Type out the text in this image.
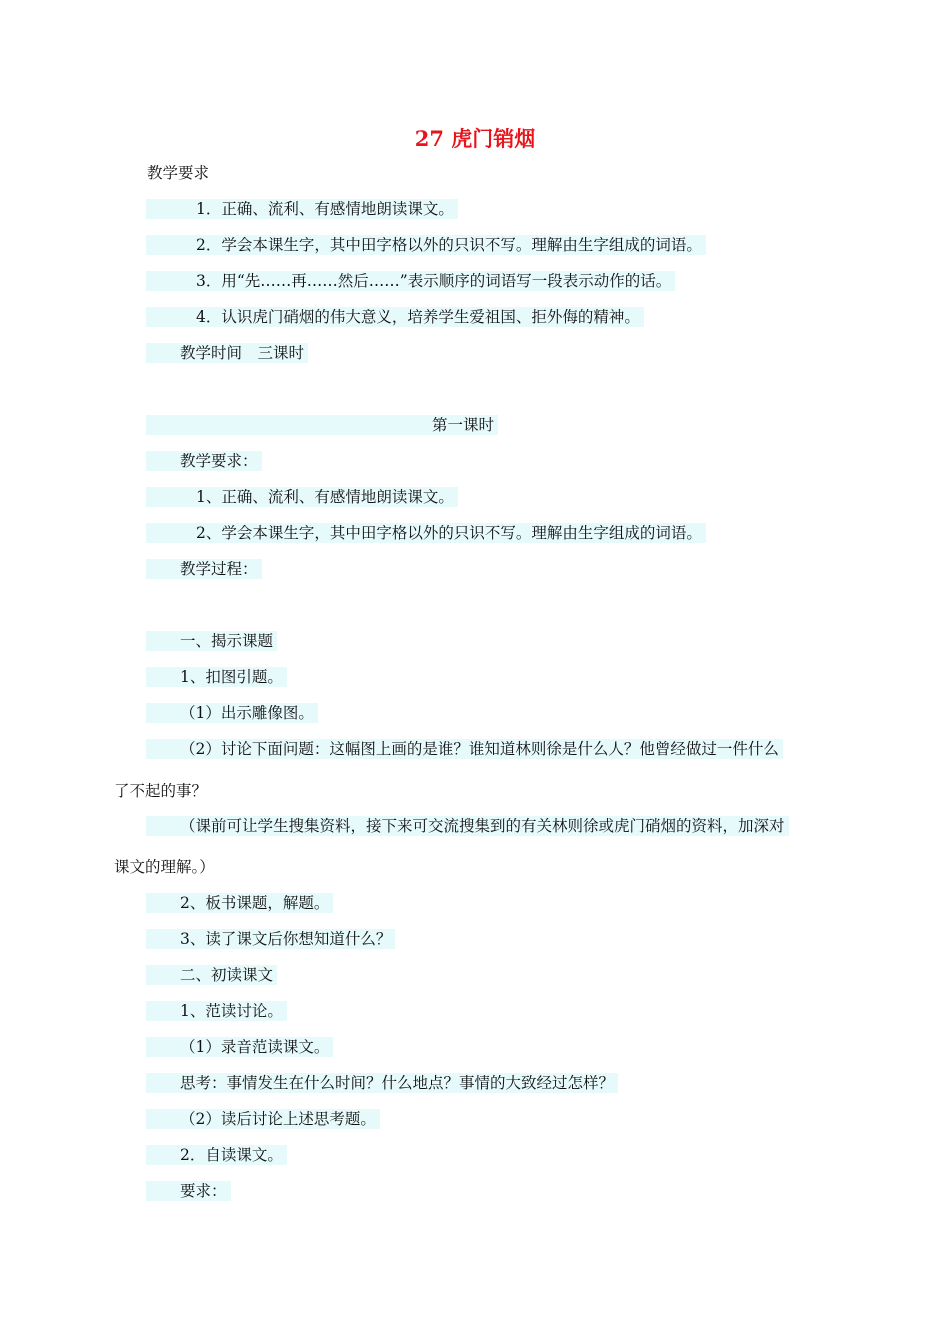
27 虎门销烟
教学要求
1．正确、流利、有感情地朗读课文。
2．学会本课生字，其中田字格以外的只识不写。理解由生字组成的词语。
3．用“先……再……然后……”表示顺序的词语写一段表示动作的话。
4．认识虎门硝烟的伟大意义，培养学生爱祖国、拒外侮的精神。
教学时间　三课时
第一课时
教学要求：
1、正确、流利、有感情地朗读课文。
2、学会本课生字，其中田字格以外的只识不写。理解由生字组成的词语。
教学过程：
一、揭示课题
1、扣图引题。
（1）出示雕像图。
（2）讨论下面问题：这幅图上画的是谁？谁知道林则徐是什么人？他曾经做过一件什么
了不起的事？
（课前可让学生搜集资料，接下来可交流搜集到的有关林则徐或虎门硝烟的资料，加深对
课文的理解。）
2、板书课题，解题。
3、读了课文后你想知道什么？
二、初读课文
1、范读讨论。
（1）录音范读课文。
思考：事情发生在什么时间？什么地点？事情的大致经过怎样？
（2）读后讨论上述思考题。
2．自读课文。
要求：
